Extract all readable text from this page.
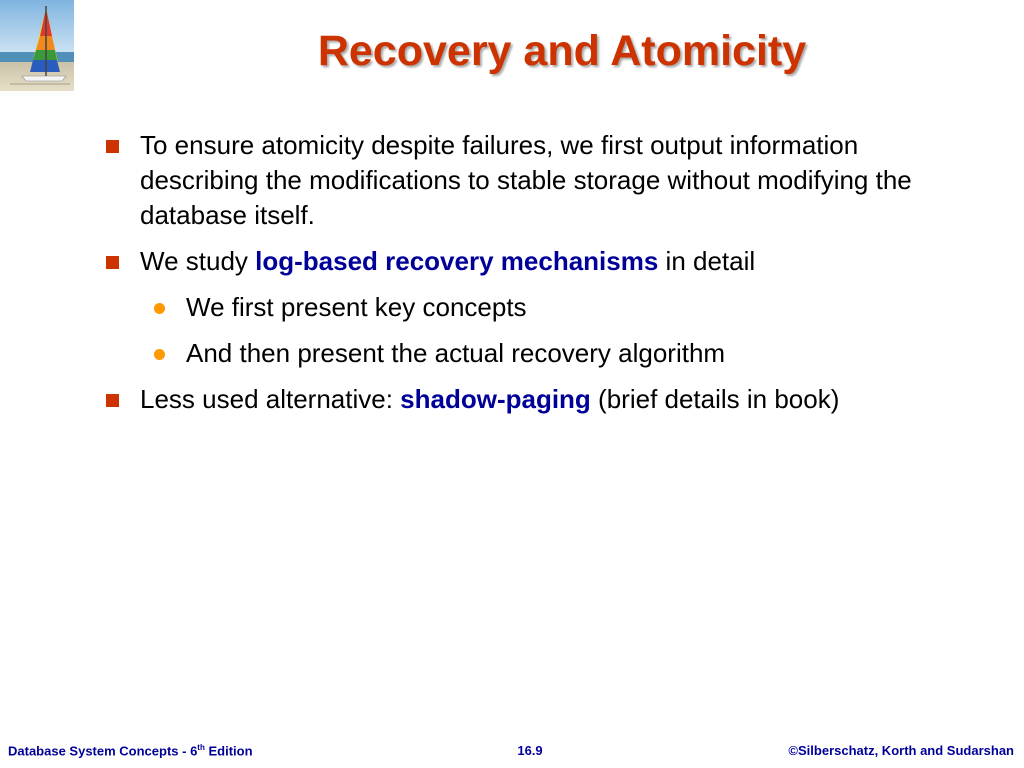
Recovery and Atomicity
To ensure atomicity despite failures, we first output information describing the modifications to stable storage without modifying the database itself.
We study log-based recovery mechanisms in detail
We first present key concepts
And then present the actual recovery algorithm
Less used alternative: shadow-paging (brief details in book)
Database System Concepts - 6th Edition	16.9	©Silberschatz, Korth and Sudarshan
